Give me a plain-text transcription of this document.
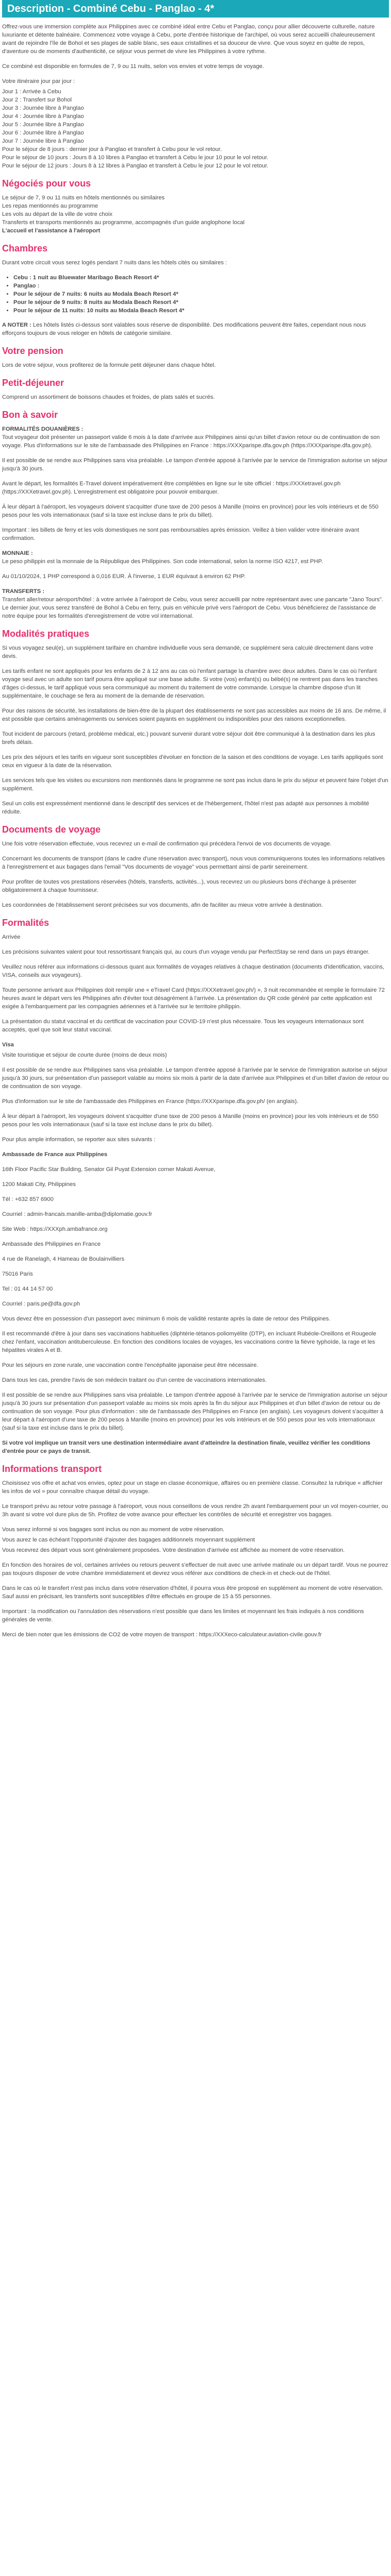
Description - Combiné Cebu - Panglao - 4*

Offrez-vous une immersion complète aux Philippines avec ce combiné idéal entre Cebu et Panglao, conçu pour allier découverte culturelle, nature luxuriante et détente balnéaire. Commencez votre voyage à Cebu, porte d'entrée historique de l'archipel, où vous serez accueilli chaleureusement avant de rejoindre l'île de Bohol et ses plages de sable blanc, ses eaux cristallines et sa douceur de vivre. Que vous soyez en quête de repos, d'aventure ou de moments d'authenticité, ce séjour vous permet de vivre les Philippines à votre rythme.

Ce combiné est disponible en formules de 7, 9 ou 11 nuits, selon vos envies et votre temps de voyage.

Votre itinéraire jour par jour :

Jour 1 : Arrivée à Cebu

Jour 2 : Transfert sur Bohol

Jour 3 : Journée libre à Panglao

Jour 4 : Journée libre à Panglao

Jour 5 : Journée libre à Panglao

Jour 6 : Journée libre à Panglao

Jour 7 : Journée libre à Panglao

Pour le séjour de 8 jours : dernier jour à Panglao et transfert à Cebu pour le vol retour.

Pour le séjour de 10 jours : Jours 8 à 10 libres à Panglao et transfert à Cebu le jour 10 pour le vol retour.

Pour le séjour de 12 jours : Jours 8 à 12 libres à Panglao et transfert à Cebu le jour 12 pour le vol retour.

Négociés pour vous

Le séjour de 7, 9 ou 11 nuits en hôtels mentionnés ou similaires

Les repas mentionnés au programme

Les vols au départ de la ville de votre choix

Transferts et transports mentionnés au programme, accompagnés d'un guide anglophone local

L'accueil et l'assistance à l'aéroport

Chambres

Durant votre circuit vous serez logés pendant 7 nuits dans les hôtels cités ou similaires :

• Cebu : 1 nuit au Bluewater Maribago Beach Resort 4*
• Panglao :
• Pour le séjour de 7 nuits: 6 nuits au Modala Beach Resort 4*
• Pour le séjour de 9 nuits: 8 nuits au Modala Beach Resort 4*
• Pour le séjour de 11 nuits: 10 nuits au Modala Beach Resort 4*

A NOTER : Les hôtels listés ci-dessus sont valables sous réserve de disponibilité. Des modifications peuvent être faites, cependant nous nous efforçons toujours de vous reloger en hôtels de catégorie similaire.

Votre pension

Lors de votre séjour, vous profiterez de la formule petit déjeuner dans chaque hôtel.

Petit-déjeuner

Comprend un assortiment de boissons chaudes et froides, de plats salés et sucrés.

Bon à savoir

FORMALITÉS DOUANIÈRES :
Tout voyageur doit présenter un passeport valide 6 mois à la date d'arrivée aux Philippines ainsi qu'un billet d'avion retour ou de continuation de son voyage. Plus d'informations sur le site de l'ambassade des Philippines en France : https://XXXparispe.dfa.gov.ph (https://XXXparispe.dfa.gov.ph).

Il est possible de se rendre aux Philippines sans visa préalable. Le tampon d'entrée apposé à l'arrivée par le service de l'immigration autorise un séjour jusqu'à 30 jours.

Avant le départ, les formalités E-Travel doivent impérativement être complétées en ligne sur le site officiel : https://XXXetravel.gov.ph (https://XXXetravel.gov.ph). L'enregistrement est obligatoire pour pouvoir embarquer.

À leur départ à l'aéroport, les voyageurs doivent s'acquitter d'une taxe de 200 pesos à Manille (moins en province) pour les vols intérieurs et de 550 pesos pour les vols internationaux (sauf si la taxe est incluse dans le prix du billet).

Important : les billets de ferry et les vols domestiques ne sont pas remboursables après émission. Veillez à bien valider votre itinéraire avant confirmation.

MONNAIE :
Le peso philippin est la monnaie de la République des Philippines. Son code international, selon la norme ISO 4217, est PHP.

Au 01/10/2024, 1 PHP correspond à 0,016 EUR. À l'inverse, 1 EUR équivaut à environ 62 PHP.

TRANSFERTS :
Transfert aller/retour aéroport/hôtel : à votre arrivée à l'aéroport de Cebu, vous serez accueilli par notre représentant avec une pancarte "Jano Tours". Le dernier jour, vous serez transféré de Bohol à Cebu en ferry, puis en véhicule privé vers l'aéroport de Cebu. Vous bénéficierez de l'assistance de notre équipe pour les formalités d'enregistrement de votre vol international.

Modalités pratiques

Si vous voyagez seul(e), un supplément tarifaire en chambre individuelle vous sera demandé, ce supplément sera calculé directement dans votre devis.

Les tarifs enfant ne sont appliqués pour les enfants de 2 à 12 ans au cas où l'enfant partage la chambre avec deux adultes. Dans le cas où l'enfant voyage seul avec un adulte son tarif pourra être appliqué sur une base adulte. Si votre (vos) enfant(s) ou bébé(s) ne rentrent pas dans les tranches d'âges ci-dessus, le tarif appliqué vous sera communiqué au moment du traitement de votre commande. Lorsque la chambre dispose d'un lit supplémentaire, le couchage se fera au moment de la demande de réservation.

Pour des raisons de sécurité, les installations de bien-être de la plupart des établissements ne sont pas accessibles aux moins de 16 ans. De même, il est possible que certains aménagements ou services soient payants en supplément ou indisponibles pour des raisons exceptionnelles.

Tout incident de parcours (retard, problème médical, etc.) pouvant survenir durant votre séjour doit être communiqué à la destination dans les plus brefs délais.

Les prix des séjours et les tarifs en vigueur sont susceptibles d'évoluer en fonction de la saison et des conditions de voyage. Les tarifs appliqués sont ceux en vigueur à la date de la réservation.

Les services tels que les visites ou excursions non mentionnés dans le programme ne sont pas inclus dans le prix du séjour et peuvent faire l'objet d'un supplément.

Seul un colis est expressément mentionné dans le descriptif des services et de l'hébergement, l'hôtel n'est pas adapté aux personnes à mobilité réduite.

Documents de voyage

Une fois votre réservation effectuée, vous recevrez un e-mail de confirmation qui précédera l'envoi de vos documents de voyage.

Concernant les documents de transport (dans le cadre d'une réservation avec transport), nous vous communiquerons toutes les informations relatives à l'enregistrement et aux bagages dans l'email "Vos documents de voyage" vous permettant ainsi de partir sereinement.

Pour profiter de toutes vos prestations réservées (hôtels, transferts, activités...), vous recevrez un ou plusieurs bons d'échange à présenter obligatoirement à chaque fournisseur.

Les coordonnées de l'établissement seront précisées sur vos documents, afin de faciliter au mieux votre arrivée à destination.

Formalités

Arrivée

Les précisions suivantes valent pour tout ressortissant français qui, au cours d'un voyage vendu par PerfectStay se rend dans un pays étranger.

Veuillez nous référer aux informations ci-dessous quant aux formalités de voyages relatives à chaque destination (documents d'identification, vaccins, VISA, conseils aux voyageurs).

Toute personne arrivant aux Philippines doit remplir une « eTravel Card (https://XXXetravel.gov.ph/) », 3 nuit recommandée et remplie le formulaire 72 heures avant le départ vers les Philippines afin d'éviter tout désagrément à l'arrivée. La présentation du QR code généré par cette application est exigée à l'embarquement par les compagnies aériennes et à l'arrivée sur le territoire philippin.

La présentation du statut vaccinal et du certificat de vaccination pour COVID-19 n'est plus nécessaire. Tous les voyageurs internationaux sont acceptés, quel que soit leur statut vaccinal.

Visa

Visite touristique et séjour de courte durée (moins de deux mois)

Il est possible de se rendre aux Philippines sans visa préalable. Le tampon d'entrée apposé à l'arrivée par le service de l'immigration autorise un séjour jusqu'à 30 jours, sur présentation d'un passeport valable au moins six mois à partir de la date d'arrivée aux Philippines et d'un billet d'avion de retour ou de continuation de son voyage.

Plus d'information sur le site de l'ambassade des Philippines en France (https://XXXparispe.dfa.gov.ph/ (en anglais).

À leur départ à l'aéroport, les voyageurs doivent s'acquitter d'une taxe de 200 pesos à Manille (moins en province) pour les vols intérieurs et de 550 pesos pour les vols internationaux (sauf si la taxe est incluse dans le prix du billet).

Pour plus ample information, se reporter aux sites suivants :

Ambassade de France aux Philippines

16th Floor Pacific Star Building, Senator Gil Puyat Extension corner Makati Avenue,

1200 Makati City, Philippines

Tél : +632 857 6900

Courriel : admin-francais.manille-amba@diplomatie.gouv.fr

Site Web : https://XXXph.ambafrance.org

Ambassade des Philippines en France

4 rue de Ranelagh, 4 Hameau de Boulainvilliers

75016 Paris

Tel : 01 44 14 57 00

Courriel : paris.pe@dfa.gov.ph

Vous devez être en possession d'un passeport avec minimum 6 mois de validité restante après la date de retour des Philippines.

Il est recommandé d'être à jour dans ses vaccinations habituelles (diphtérie-tétanos-poliomyélite (DTP), en incluant Rubéole-Oreillons et Rougeole chez l'enfant, vaccination antituberculeuse. En fonction des conditions locales de voyages, les vaccinations contre la fièvre typhoïde, la rage et les hépatites virales A et B.

Pour les séjours en zone rurale, une vaccination contre l'encéphalite japonaise peut être nécessaire.

Dans tous les cas, prendre l'avis de son médecin traitant ou d'un centre de vaccinations internationales.

Il est possible de se rendre aux Philippines sans visa préalable. Le tampon d'entrée apposé à l'arrivée par le service de l'immigration autorise un séjour jusqu'à 30 jours sur présentation d'un passeport valable au moins six mois après la fin du séjour aux Philippines et d'un billet d'avion de retour ou de continuation de son voyage. Pour plus d'information : site de l'ambassade des Philippines en France (en anglais). Les voyageurs doivent s'acquitter à leur départ à l'aéroport d'une taxe de 200 pesos à Manille (moins en province) pour les vols intérieurs et de 550 pesos pour les vols internationaux (sauf si la taxe est incluse dans le prix du billet).

Si votre vol implique un transit vers une destination intermédiaire avant d'atteindre la destination finale, veuillez vérifier les conditions d'entrée pour ce pays de transit.

Informations transport

Choisissez vos offre et achat vos envies, optez pour un stage en classe économique, affaires ou en première classe. Consultez la rubrique « affichier les infos de vol » pour connaître chaque détail du voyage.

Le transport prévu au retour votre passage à l'aéroport, vous nous conseillons de vous rendre 2h avant l'embarquement pour un vol moyen-courrier, ou 3h avant si votre vol dure plus de 5h. Profitez de votre avance pour effectuer les contrôles de sécurité et enregistrer vos bagages.

Vous serez informé si vos bagages sont inclus ou non au moment de votre réservation.

Vous aurez le cas échéant l'opportunité d'ajouter des bagages additionnels moyennant supplément

Vous recevrez des départ vous sont généralement proposées. Votre destination d'arrivée est affichée au moment de votre réservation.

En fonction des horaires de vol, certaines arrivées ou retours peuvent s'effectuer de nuit avec une arrivée matinale ou un départ tardif. Vous ne pourrez pas toujours disposer de votre chambre immédiatement et devrez vous référer aux conditions de check-in et check-out de l'hôtel.

Dans le cas où le transfert n'est pas inclus dans votre réservation d'hôtel, il pourra vous être proposé en supplément au moment de votre réservation. Sauf aussi en précisant, les transferts sont susceptibles d'être effectués en groupe de 15 à 55 personnes.

Important : la modification ou l'annulation des réservations n'est possible que dans les limites et moyennant les frais indiqués à nos conditions générales de vente.

Merci de bien noter que les émissions de CO2 de votre moyen de transport : https://XXXeco-calculateur.aviation-civile.gouv.fr
